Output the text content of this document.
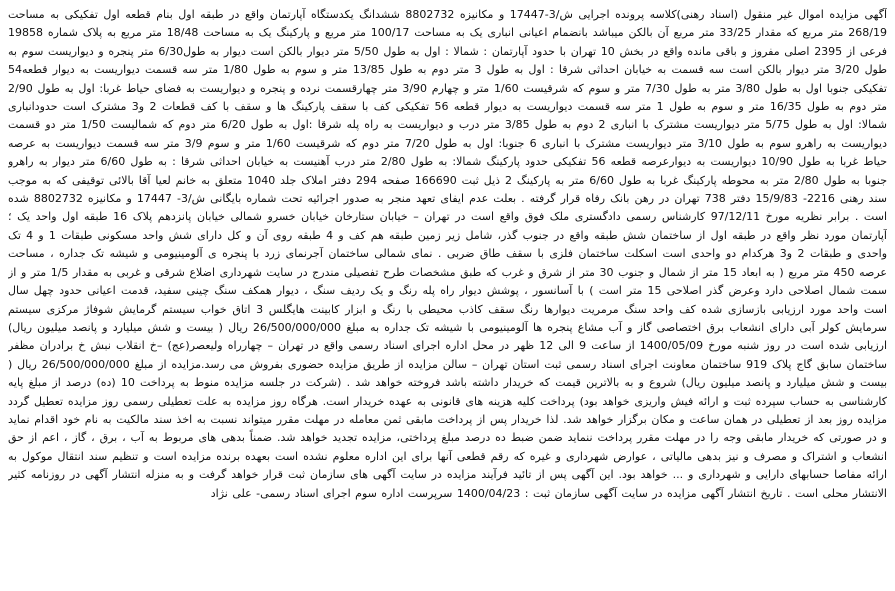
آگهی مزایده اموال غیر منقول (اسناد رهنی)کلاسه پرونده اجرایی ش/3-17447 و مکانیزه 8802732 ششدانگ یکدستگاه آپارتمان واقع در طبقه اول بنام قطعه اول تفکیکی به مساحت 268/19 متر مربع که مقدار 33/25 متر مربع آن بالکن میباشد بانضمام اعیانی انباری یک به مساحت 100/17 متر مربع و پارکینگ یک به مساحت 18/48 متر مربع به پلاک شماره 19858 فرعی از 2395 اصلی مفروز و باقی مانده واقع در بخش 10 تهران با حدود آپارتمان : شمالا : اول به طول 5/50 متر دیوار بالکن است دیوار به طول6/30 متر پنجره و دیواریست سوم به طول 3/20 متر دیوار بالکن است سه قسمت به خیابان احداثی شرقا : اول به طول 3 متر دوم به طول 13/85 متر و سوم به طول 1/80 متر سه قسمت دیواریست به دیوار قطعه54 تفکیکی جنوبا اول به طول 3/80 متر به طول 7/30 متر و سوم که شرقیست 1/60 متر و چهارم 3/90 متر چهارقسمت نرده و پنجره و دیواریست به فضای حیاط غربا: اول به طول 2/90 متر دوم به طول 16/35 متر و سوم به طول 1 متر سه قسمت دیواریست به دیوار قطعه 56 تفکیکی کف با سقف پارکینگ ها و سقف با کف قطعات 2 و3 مشترک است حدودانباری شمالا: اول به طول 5/75 متر دیواریست مشترک با انباری 2 دوم به طول 3/85 متر درب و دیواریست به راه پله شرقا :اول به طول 6/20 متر دوم که شمالیست 1/50 متر دو قسمت دیواریست به راهرو سوم به طول 3/10 متر دیواریست مشترک با انباری 6 جنوبا: اول به طول 7/20 متر دوم که شرقیست 1/60 متر و سوم 3/9 متر سه قسمت دیواریست به عرصه حیاط غربا به طول 10/90 دیواریست به دیوارعرصه قطعه 56 تفکیکی حدود پارکینگ شمالا: به طول 2/80 متر درب آهنیست به خیابان احداثی شرقا : به طول 6/60 متر دیوار به راهرو جنوبا به طول 2/80 متر به محوطه پارکینگ غربا به طول 6/60 متر به پارکینگ 2 ذیل ثبت 166690 صفحه 294 دفتر املاک جلد 1040 متعلق به خانم لعیا آقا بالائی توقیفی که به موجب سند رهنی 2216- 15/9/83 دفتر 738 تهران در رهن بانک رفاه قرار گرفته . بعلت عدم ایفای تعهد منجر به صدور اجرائیه تحت شماره بایگانی ش/3- 17447 و مکانیزه 8802732 شده است . برابر نظریه مورخ 97/12/11 کارشناس رسمی دادگستری ملک فوق واقع است در تهران – خیابان ستارخان خیابان خسرو شمالی خیابان پانزدهم پلاک 16 طبقه اول واحد یک ؛ آپارتمان مورد نظر واقع در طبقه اول از ساختمان شش طبقه واقع در جنوب گذر، شامل زیر زمین طبقه هم کف و 4 طبقه روی آن و کل دارای شش واحد مسکونی طبقات 1 و 4 تک واحدی و طبقات 2 و3 هرکدام دو واحدی است اسکلت ساختمان فلزی با سقف طاق ضربی . نمای شمالی ساختمان آجرنمای زرد با پنجره ی آلومینیومی و شیشه تک جداره ، مساحت عرصه 450 متر مربع ( به ابعاد 15 متر از شمال و جنوب 30 متر از شرق و غرب که طبق مشخصات طرح تفصیلی مندرج در سایت شهرداری اضلاع شرقی و غربی به مقدار 1/5 متر و از سمت شمال اصلاحی دارد وعرض گذر اصلاحی 15 متر است ) با آسانسور ، پوشش دیوار راه پله رنگ و یک ردیف سنگ ، دیوار همکف سنگ چینی سفید، قدمت اعیانی حدود چهل سال است واحد مورد ارزیابی بازسازی شده کف واحد سنگ مرمریت دیوارها رنگ سقف کاذب محیطی با رنگ و ابزار کابینت هایگلس 3 اتاق خواب سیستم گرمایش شوفاژ مرکزی سیستم سرمایش کولر آبی دارای انشعاب برق اختصاصی گاز و آب مشاع پنجره ها آلومینیومی با شیشه تک جداره به مبلغ 26/500/000/000 ریال ( بیست و شش میلیارد و پانصد میلیون ریال) ارزیابی شده است در روز شنبه مورخ 1400/05/09 از ساعت 9 الی 12 ظهر در محل اداره اجرای اسناد رسمی واقع در تهران – چهارراه ولیعصر(عج) –خ انقلاب نبش خ برادران مظفر ساختمان سابق گاج پلاک 919 ساختمان معاونت اجرای اسناد رسمی ثبت استان تهران – سالن مزایده از طریق مزایده حضوری بفروش می رسد.مزایده از مبلغ 26/500/000/000 ریال ( بیست و شش میلیارد و پانصد میلیون ریال) شروع و به بالاترین قیمت که خریدار داشته باشد فروخته خواهد شد . (شرکت در جلسه مزایده منوط به پرداخت 10 (ده) درصد از مبلغ پایه کارشناسی به حساب سپرده ثبت و ارائه فیش واریزی خواهد بود) پرداخت کلیه هزینه های قانونی به عهده خریدار است. هرگاه روز مزایده به علت تعطیلی رسمی روز مزایده تعطیل گردد مزایده روز بعد از تعطیلی در همان ساعت و مکان برگزار خواهد شد. لذا خریدار پس از پرداخت مابقی ثمن معامله در مهلت مقرر میتواند نسبت به اخذ سند مالکیت به نام خود اقدام نماید و در صورتی که خریدار مابقی وجه را در مهلت مقرر پرداخت ننماید ضمن ضبط ده درصد مبلغ پرداختی، مزایده تجدید خواهد شد. ضمناً بدهی های مربوط به آب ، برق ، گاز ، اعم از حق انشعاب و اشتراک و مصرف و نیز بدهی مالیاتی ، عوارض شهرداری و غیره که رقم قطعی آنها برای این اداره معلوم نشده است بعهده برنده مزایده است و تنظیم سند انتقال موکول به ارائه مفاصا حسابهای دارایی و شهرداری و ... خواهد بود. این آگهی پس از تائید فرآیند مزایده در سایت آگهی های سازمان ثبت قرار خواهد گرفت و به منزله انتشار آگهی در روزنامه کثیر الانتشار محلی است . تاریخ انتشار آگهی مزایده در سایت آگهی سازمان ثبت : 1400/04/23 سرپرست اداره سوم اجرای اسناد رسمی- علی نژاد
